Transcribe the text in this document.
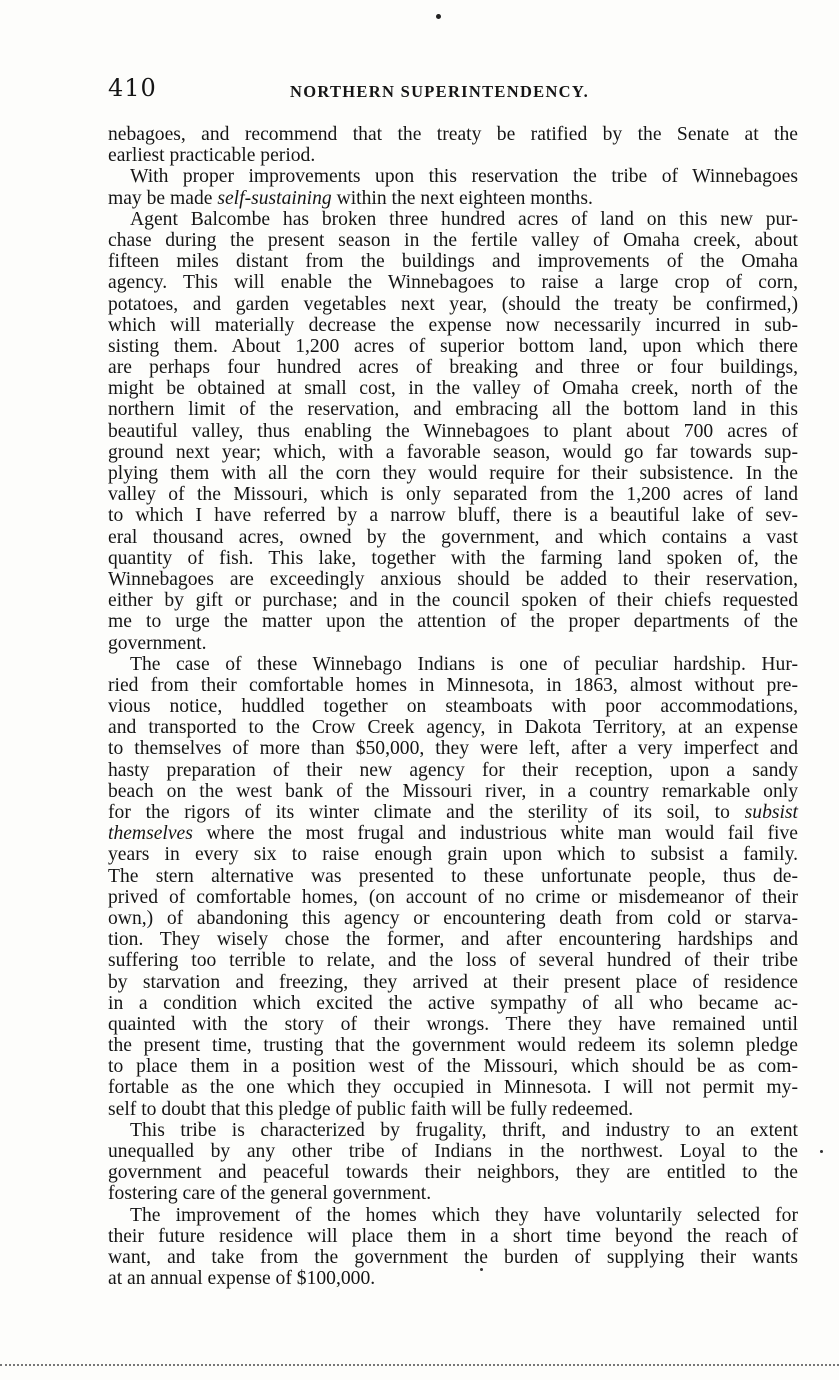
410	NORTHERN SUPERINTENDENCY.
nebagoes, and recommend that the treaty be ratified by the Senate at the
earliest practicable period.
With proper improvements upon this reservation the tribe of Winnebagoes
may be made self-sustaining within the next eighteen months.
Agent Balcombe has broken three hundred acres of land on this new pur-
chase during the present season in the fertile valley of Omaha creek, about
fifteen miles distant from the buildings and improvements of the Omaha
agency. This will enable the Winnebagoes to raise a large crop of corn,
potatoes, and garden vegetables next year, (should the treaty be confirmed,)
which will materially decrease the expense now necessarily incurred in sub-
sisting them. About 1,200 acres of superior bottom land, upon which there
are perhaps four hundred acres of breaking and three or four buildings,
might be obtained at small cost, in the valley of Omaha creek, north of the
northern limit of the reservation, and embracing all the bottom land in this
beautiful valley, thus enabling the Winnebagoes to plant about 700 acres of
ground next year; which, with a favorable season, would go far towards sup-
plying them with all the corn they would require for their subsistence. In the
valley of the Missouri, which is only separated from the 1,200 acres of land
to which I have referred by a narrow bluff, there is a beautiful lake of sev-
eral thousand acres, owned by the government, and which contains a vast
quantity of fish. This lake, together with the farming land spoken of, the
Winnebagoes are exceedingly anxious should be added to their reservation,
either by gift or purchase; and in the council spoken of their chiefs requested
me to urge the matter upon the attention of the proper departments of the
government.
The case of these Winnebago Indians is one of peculiar hardship. Hur-
ried from their comfortable homes in Minnesota, in 1863, almost without pre-
vious notice, huddled together on steamboats with poor accommodations,
and transported to the Crow Creek agency, in Dakota Territory, at an expense
to themselves of more than $50,000, they were left, after a very imperfect and
hasty preparation of their new agency for their reception, upon a sandy
beach on the west bank of the Missouri river, in a country remarkable only
for the rigors of its winter climate and the sterility of its soil, to subsist
themselves where the most frugal and industrious white man would fail five
years in every six to raise enough grain upon which to subsist a family.
The stern alternative was presented to these unfortunate people, thus de-
prived of comfortable homes, (on account of no crime or misdemeanor of their
own,) of abandoning this agency or encountering death from cold or starva-
tion. They wisely chose the former, and after encountering hardships and
suffering too terrible to relate, and the loss of several hundred of their tribe
by starvation and freezing, they arrived at their present place of residence
in a condition which excited the active sympathy of all who became ac-
quainted with the story of their wrongs. There they have remained until
the present time, trusting that the government would redeem its solemn pledge
to place them in a position west of the Missouri, which should be as com-
fortable as the one which they occupied in Minnesota. I will not permit my-
self to doubt that this pledge of public faith will be fully redeemed.
This tribe is characterized by frugality, thrift, and industry to an extent
unequalled by any other tribe of Indians in the northwest. Loyal to the
government and peaceful towards their neighbors, they are entitled to the
fostering care of the general government.
The improvement of the homes which they have voluntarily selected for
their future residence will place them in a short time beyond the reach of
want, and take from the government the burden of supplying their wants
at an annual expense of $100,000.
